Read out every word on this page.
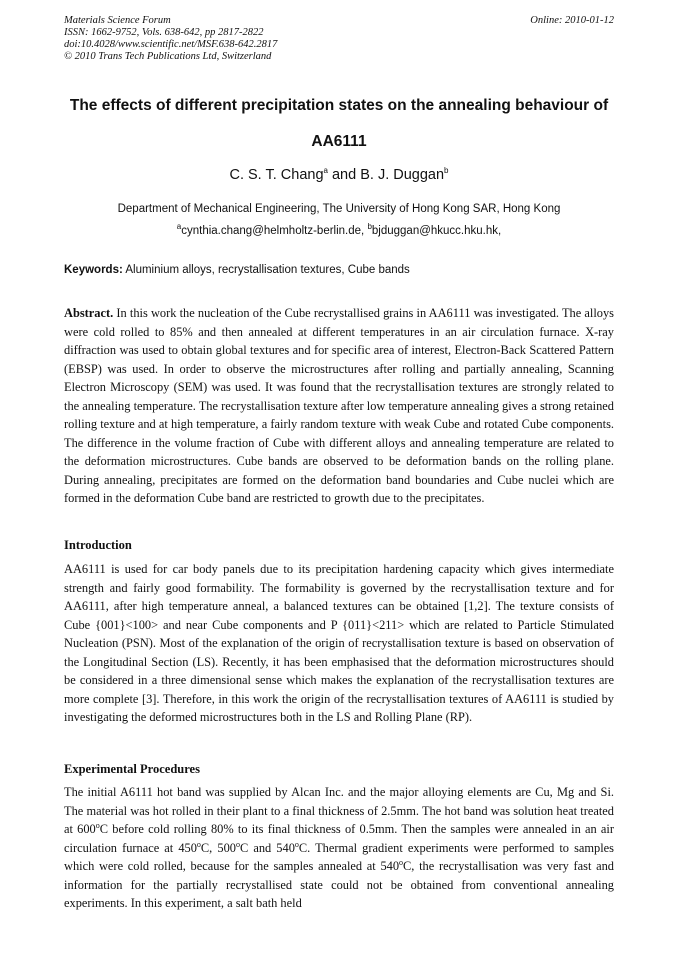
Materials Science Forum
ISSN: 1662-9752, Vols. 638-642, pp 2817-2822
doi:10.4028/www.scientific.net/MSF.638-642.2817
© 2010 Trans Tech Publications Ltd, Switzerland
Online: 2010-01-12
The effects of different precipitation states on the annealing behaviour of
AA6111
C. S. T. Chang$^a$ and B. J. Duggan$^b$
Department of Mechanical Engineering, The University of Hong Kong SAR, Hong Kong
$^a$cynthia.chang@helmholtz-berlin.de, $^b$bjduggan@hkucc.hku.hk,
Keywords: Aluminium alloys, recrystallisation textures, Cube bands
Abstract. In this work the nucleation of the Cube recrystallised grains in AA6111 was investigated. The alloys were cold rolled to 85% and then annealed at different temperatures in an air circulation furnace. X-ray diffraction was used to obtain global textures and for specific area of interest, Electron-Back Scattered Pattern (EBSP) was used. In order to observe the microstructures after rolling and partially annealing, Scanning Electron Microscopy (SEM) was used. It was found that the recrystallisation textures are strongly related to the annealing temperature. The recrystallisation texture after low temperature annealing gives a strong retained rolling texture and at high temperature, a fairly random texture with weak Cube and rotated Cube components. The difference in the volume fraction of Cube with different alloys and annealing temperature are related to the deformation microstructures. Cube bands are observed to be deformation bands on the rolling plane. During annealing, precipitates are formed on the deformation band boundaries and Cube nuclei which are formed in the deformation Cube band are restricted to growth due to the precipitates.
Introduction
AA6111 is used for car body panels due to its precipitation hardening capacity which gives intermediate strength and fairly good formability. The formability is governed by the recrystallisation texture and for AA6111, after high temperature anneal, a balanced textures can be obtained [1,2]. The texture consists of Cube {001}<100> and near Cube components and P {011}<211> which are related to Particle Stimulated Nucleation (PSN). Most of the explanation of the origin of recrystallisation texture is based on observation of the Longitudinal Section (LS). Recently, it has been emphasised that the deformation microstructures should be considered in a three dimensional sense which makes the explanation of the recrystallisation textures are more complete [3]. Therefore, in this work the origin of the recrystallisation textures of AA6111 is studied by investigating the deformed microstructures both in the LS and Rolling Plane (RP).
Experimental Procedures
The initial A6111 hot band was supplied by Alcan Inc. and the major alloying elements are Cu, Mg and Si. The material was hot rolled in their plant to a final thickness of 2.5mm. The hot band was solution heat treated at 600$^o$C before cold rolling 80% to its final thickness of 0.5mm. Then the samples were annealed in an air circulation furnace at 450$^o$C, 500$^o$C and 540$^o$C. Thermal gradient experiments were performed to samples which were cold rolled, because for the samples annealed at 540$^o$C, the recrystallisation was very fast and information for the partially recrystallised state could not be obtained from conventional annealing experiments. In this experiment, a salt bath held
